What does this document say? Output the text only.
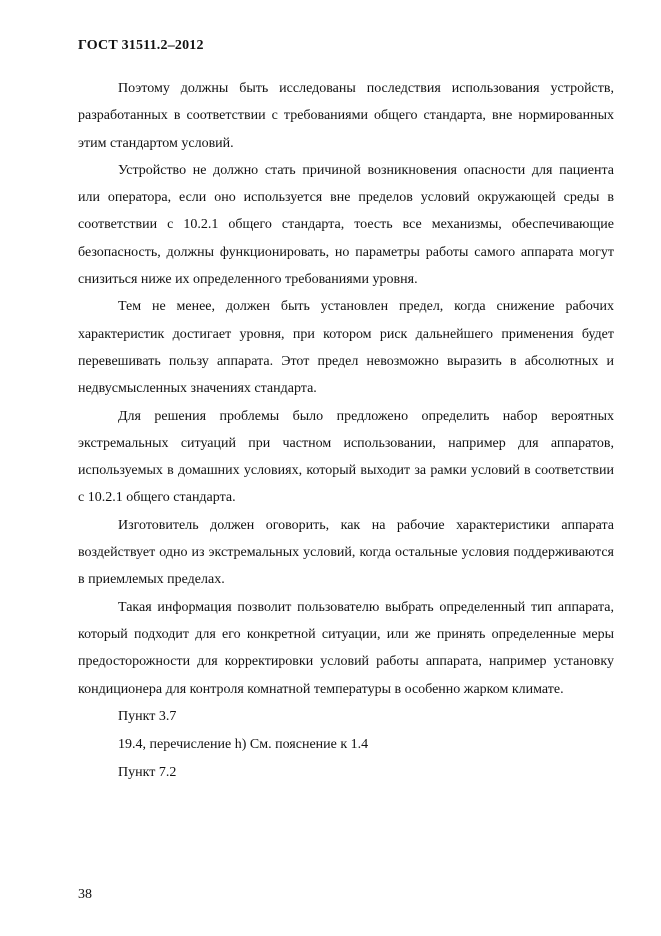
ГОСТ 31511.2–2012

Поэтому должны быть исследованы последствия использования устройств, разработанных в соответствии с требованиями общего стандарта, вне нормированных этим стандартом условий.

Устройство не должно стать причиной возникновения опасности для пациента или оператора, если оно используется вне пределов условий окружающей среды в соответствии с 10.2.1 общего стандарта, тоесть все механизмы, обеспечивающие безопасность, должны функционировать, но параметры работы самого аппарата могут снизиться ниже их определенного требованиями уровня.

Тем не менее, должен быть установлен предел, когда снижение рабочих характеристик достигает уровня, при котором риск дальнейшего применения будет перевешивать пользу аппарата. Этот предел невозможно выразить в абсолютных и недвусмысленных значениях стандарта.

Для решения проблемы было предложено определить набор вероятных экстремальных ситуаций при частном использовании, например для аппаратов, используемых в домашних условиях, который выходит за рамки условий в соответствии с 10.2.1 общего стандарта.

Изготовитель должен оговорить, как на рабочие характеристики аппарата воздействует одно из экстремальных условий, когда остальные условия поддерживаются в приемлемых пределах.

Такая информация позволит пользователю выбрать определенный тип аппарата, который подходит для его конкретной ситуации, или же принять определенные меры предосторожности для корректировки условий работы аппарата, например установку кондиционера для контроля комнатной температуры в особенно жарком климате.

Пункт 3.7

19.4, перечисление h) См. пояснение к 1.4

Пункт 7.2

38
